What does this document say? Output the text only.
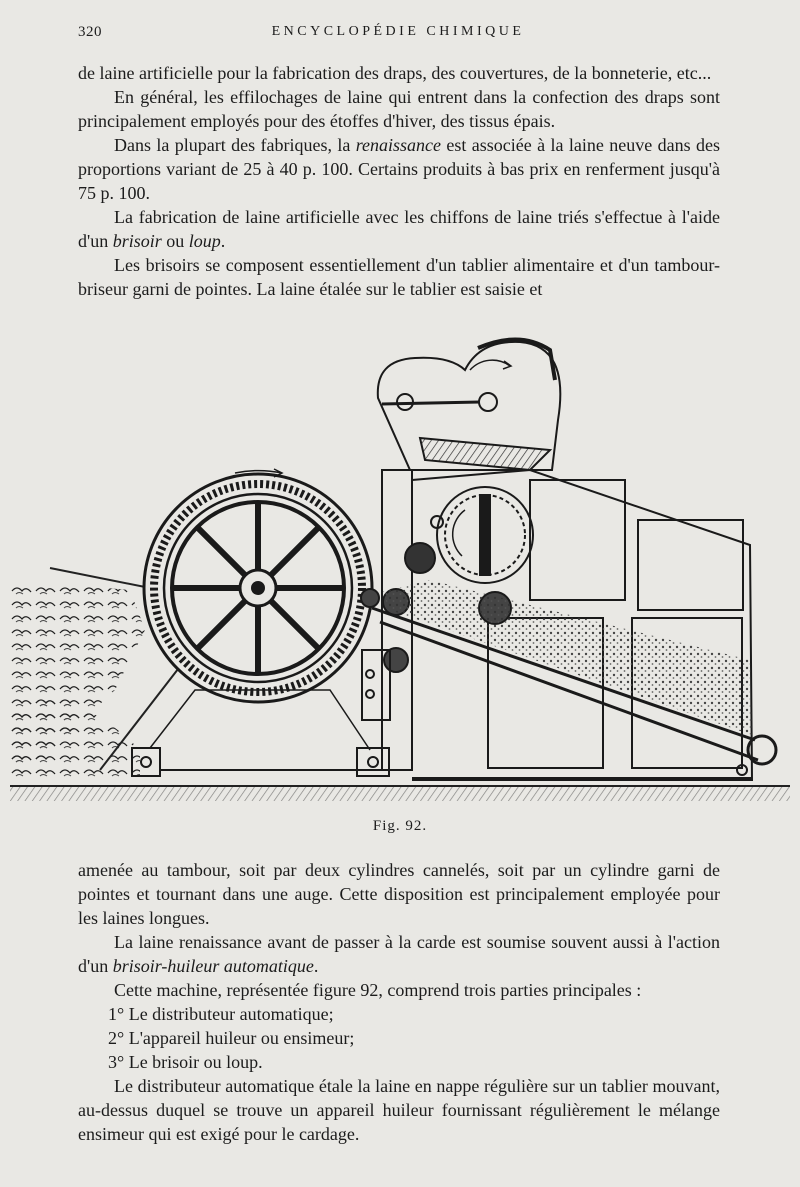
320	ENCYCLOPÉDIE CHIMIQUE

de laine artificielle pour la fabrication des draps, des couvertures, de la bonneterie, etc...

En général, les effilochages de laine qui entrent dans la confection des draps sont principalement employés pour des étoffes d'hiver, des tissus épais.

Dans la plupart des fabriques, la renaissance est associée à la laine neuve dans des proportions variant de 25 à 40 p. 100. Certains produits à bas prix en renferment jusqu'à 75 p. 100.

La fabrication de laine artificielle avec les chiffons de laine triés s'effectue à l'aide d'un brisoir ou loup.

Les brisoirs se composent essentiellement d'un tablier alimentaire et d'un tambour-briseur garni de pointes. La laine étalée sur le tablier est saisie et

Fig. 92.

amenée au tambour, soit par deux cylindres cannelés, soit par un cylindre garni de pointes et tournant dans une auge. Cette disposition est principalement employée pour les laines longues.

La laine renaissance avant de passer à la carde est soumise souvent aussi à l'action d'un brisoir-huileur automatique.

Cette machine, représentée figure 92, comprend trois parties principales :

1° Le distributeur automatique;

2° L'appareil huileur ou ensimeur;

3° Le brisoir ou loup.

Le distributeur automatique étale la laine en nappe régulière sur un tablier mouvant, au-dessus duquel se trouve un appareil huileur fournissant régulièrement le mélange ensimeur qui est exigé pour le cardage.
